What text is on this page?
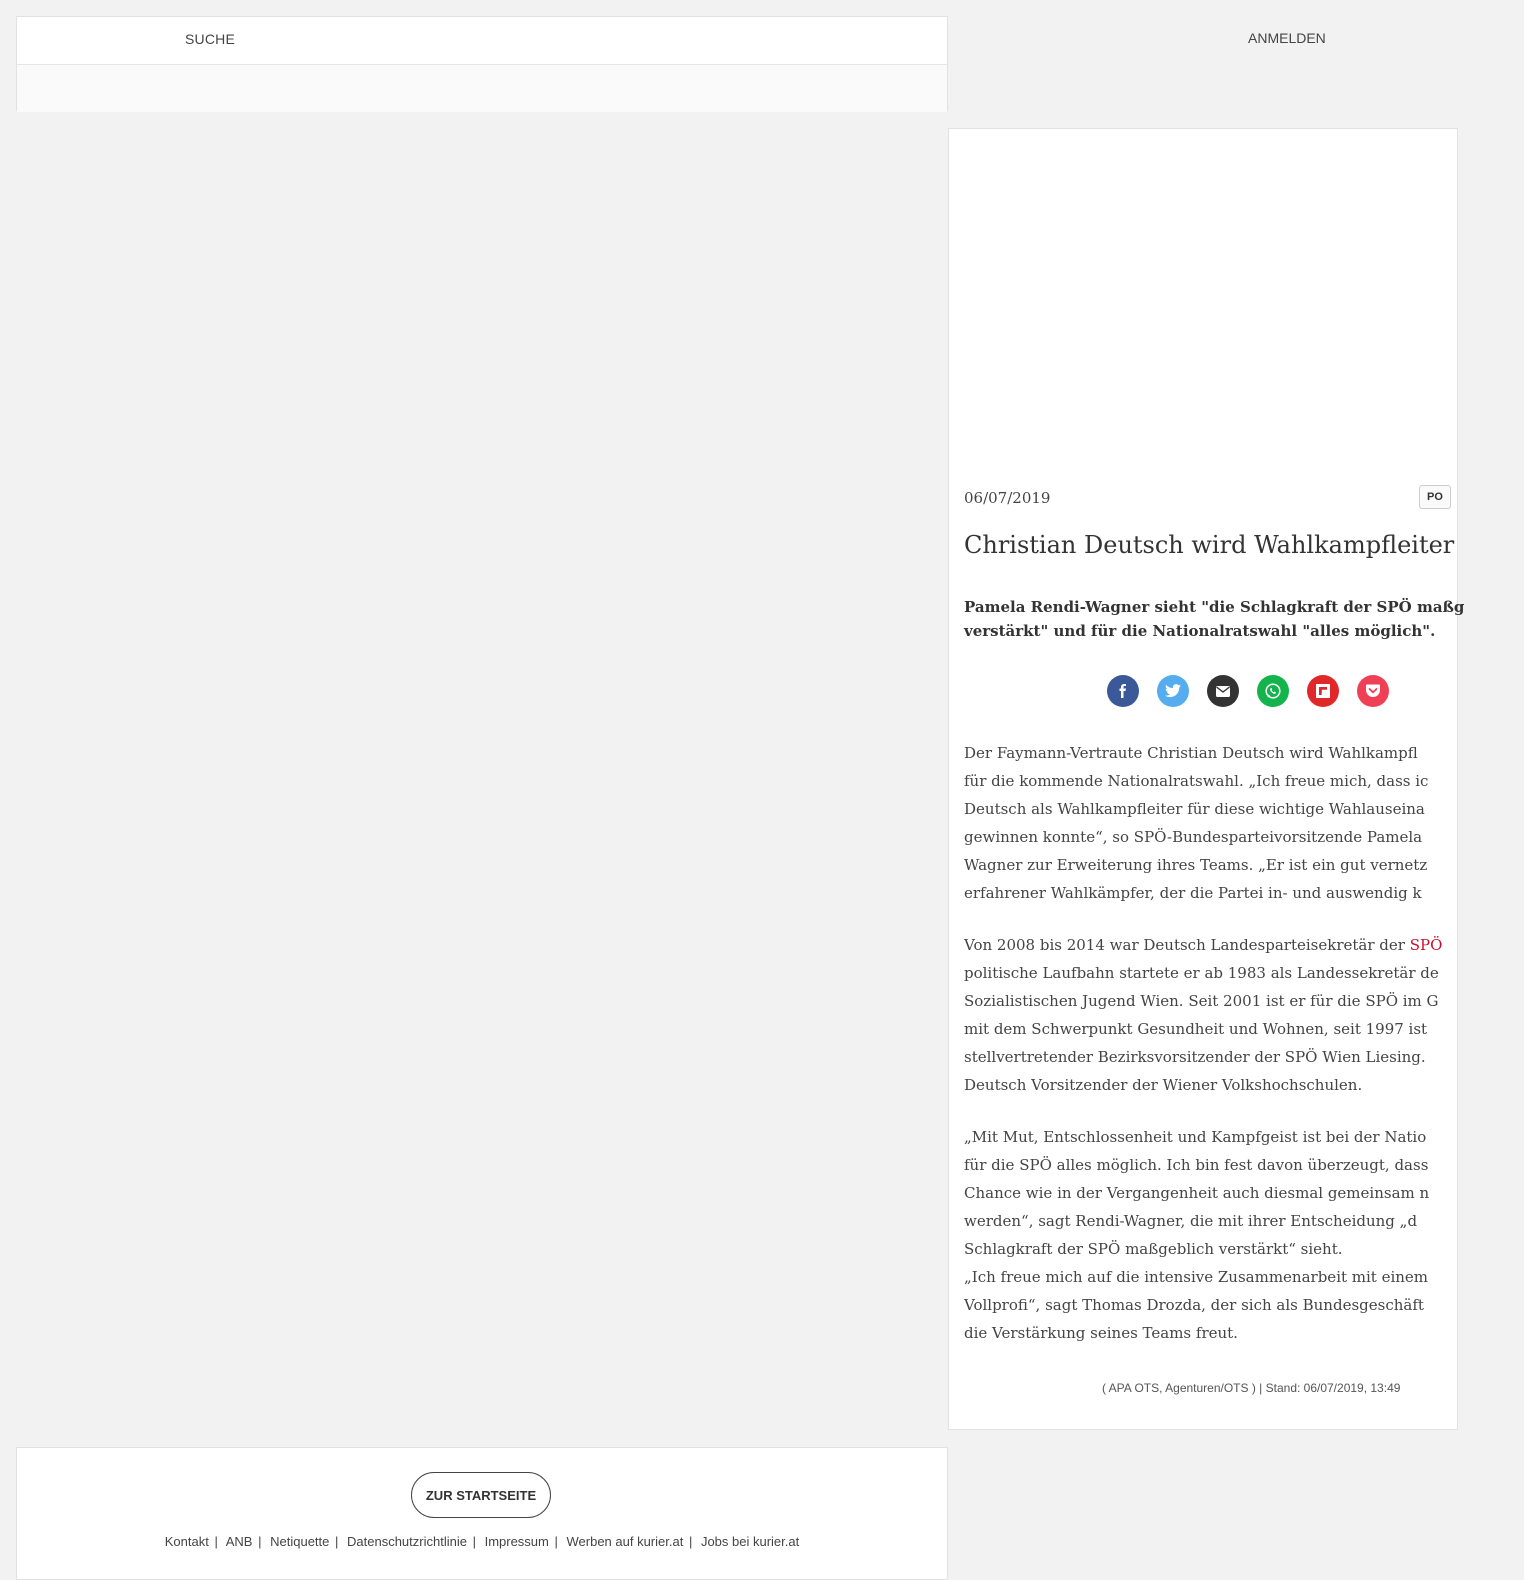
SUCHE	ANMELDEN
06/07/2019	PO
Christian Deutsch wird Wahlkampfleiter

Pamela Rendi-Wagner sieht "die Schlagkraft der SPÖ maßg
verstärkt" und für die Nationalratswahl "alles möglich".

Der Faymann-Vertraute Christian Deutsch wird Wahlkampfl
für die kommende Nationalratswahl. „Ich freue mich, dass ic
Deutsch als Wahlkampfleiter für diese wichtige Wahlauseina
gewinnen konnte“, so SPÖ-Bundesparteivorsitzende Pamela
Wagner zur Erweiterung ihres Teams. „Er ist ein gut vernetz
erfahrener Wahlkämpfer, der die Partei in- und auswendig k

Von 2008 bis 2014 war Deutsch Landesparteisekretär der SPÖ

politische Laufbahn startete er ab 1983 als Landessekretär de
Sozialistischen Jugend Wien. Seit 2001 ist er für die SPÖ im G
mit dem Schwerpunkt Gesundheit und Wohnen, seit 1997 ist
stellvertretender Bezirksvorsitzender der SPÖ Wien Liesing.
Deutsch Vorsitzender der Wiener Volkshochschulen.

„Mit Mut, Entschlossenheit und Kampfgeist ist bei der Natio
für die SPÖ alles möglich. Ich bin fest davon überzeugt, dass
Chance wie in der Vergangenheit auch diesmal gemeinsam n
werden“, sagt Rendi-Wagner, die mit ihrer Entscheidung „d
Schlagkraft der SPÖ maßgeblich verstärkt“ sieht.

„Ich freue mich auf die intensive Zusammenarbeit mit einem
Vollprofi“, sagt Thomas Drozda, der sich als Bundesgeschäft
die Verstärkung seines Teams freut.

( APA OTS, Agenturen/OTS ) | Stand: 06/07/2019, 13:49
ZUR STARTSEITE
Kontakt | ANB | Netiquette | Datenschutzrichtlinie | Impressum | Werben auf kurier.at | Jobs bei kurier.at
